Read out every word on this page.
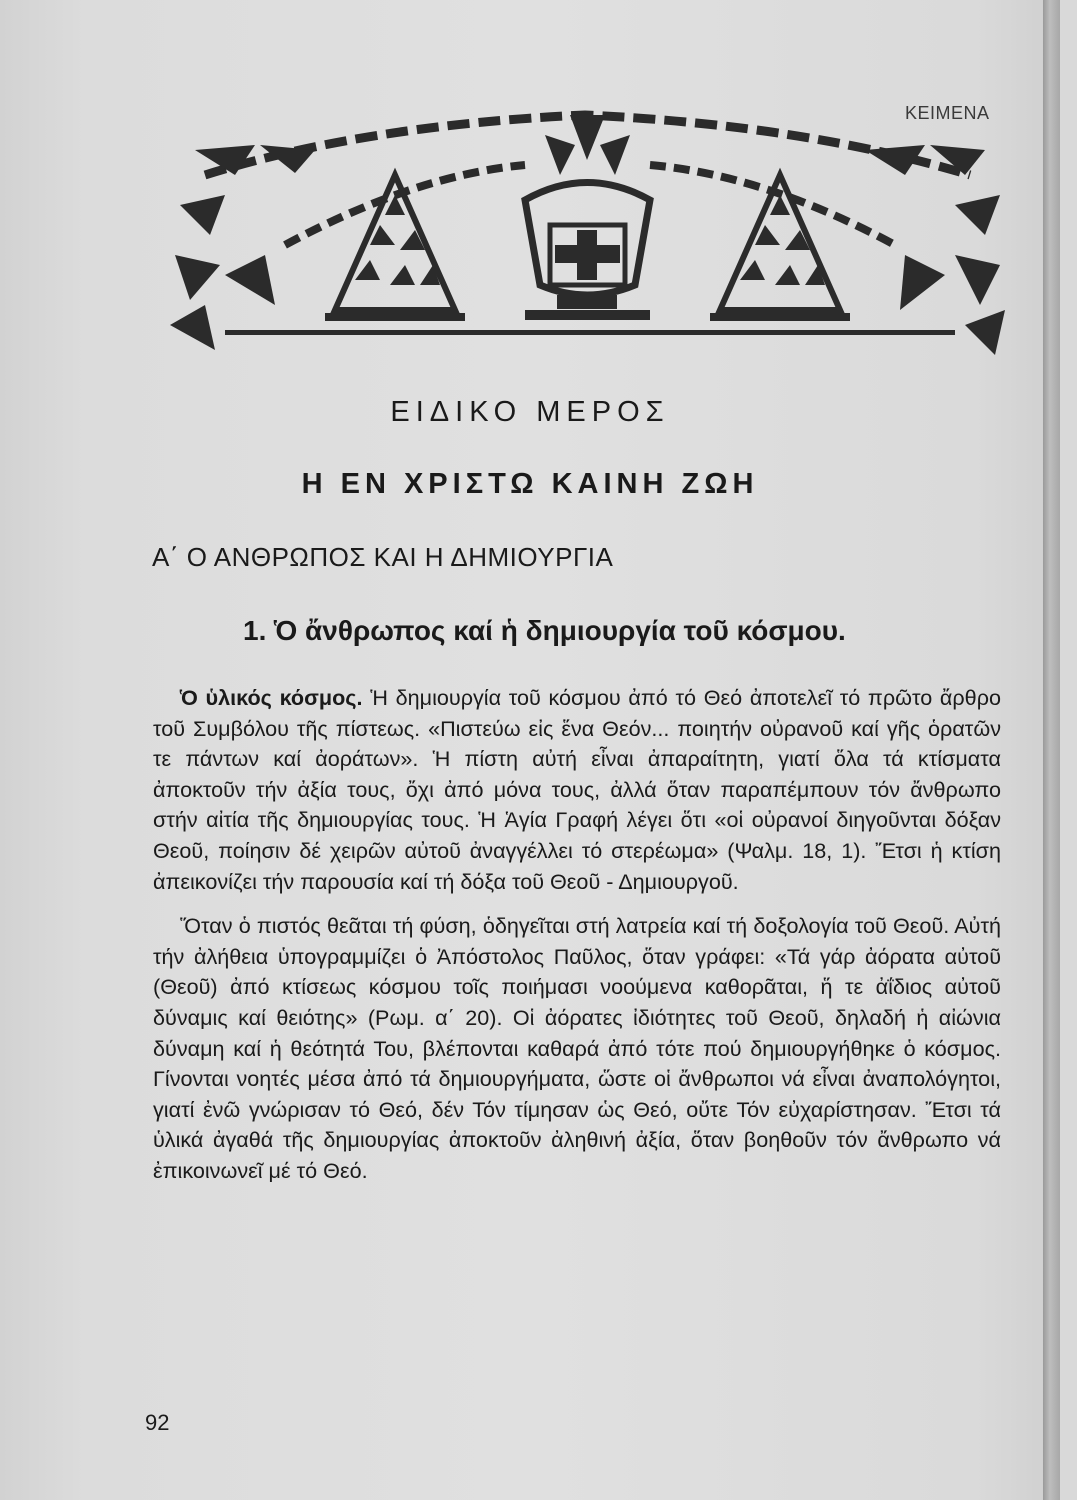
ΚΕΙΜΕΝΑ
ΕΙΔΙΚΟ ΜΕΡΟΣ
Η ΕΝ ΧΡΙΣΤΩ ΚΑΙΝΗ ΖΩΗ
Α΄ Ο ΑΝΘΡΩΠΟΣ ΚΑΙ Η ΔΗΜΙΟΥΡΓΙΑ
1. Ὁ ἄνθρωπος καί ἡ δημιουργία τοῦ κόσμου.

Ὁ ὑλικός κόσμος. Ἡ δημιουργία τοῦ κόσμου ἀπό τό Θεό ἀποτελεῖ τό πρῶτο ἄρθρο τοῦ Συμβόλου τῆς πίστεως. «Πιστεύω εἰς ἕνα Θεόν... ποιητήν οὐρανοῦ καί γῆς ὁρατῶν τε πάντων καί ἀοράτων». Ἡ πίστη αὐτή εἶναι ἀπαραίτητη, γιατί ὅλα τά κτίσματα ἀποκτοῦν τήν ἀξία τους, ὄχι ἀπό μόνα τους, ἀλλά ὅταν παραπέμπουν τόν ἄνθρωπο στήν αἰτία τῆς δημιουργίας τους. Ἡ Ἁγία Γραφή λέγει ὅτι «οἱ οὐρανοί διηγοῦνται δόξαν Θεοῦ, ποίησιν δέ χειρῶν αὐτοῦ ἀναγγέλλει τό στερέωμα» (Ψαλμ. 18, 1). Ἔτσι ἡ κτίση ἀπεικονίζει τήν παρουσία καί τή δόξα τοῦ Θεοῦ - Δημιουργοῦ.

Ὅταν ὁ πιστός θεᾶται τή φύση, ὁδηγεῖται στή λατρεία καί τή δοξολογία τοῦ Θεοῦ. Αὐτή τήν ἀλήθεια ὑπογραμμίζει ὁ Ἀπόστολος Παῦλος, ὅταν γράφει: «Τά γάρ ἀόρατα αὐτοῦ (Θεοῦ) ἀπό κτίσεως κόσμου τοῖς ποιήμασι νοούμενα καθορᾶται, ἥ τε ἀΐδιος αὐτοῦ δύναμις καί θειότης» (Ρωμ. α΄ 20). Οἱ ἀόρατες ἰδιότητες τοῦ Θεοῦ, δηλαδή ἡ αἰώνια δύναμη καί ἡ θεότητά Του, βλέπονται καθαρά ἀπό τότε πού δημιουργήθηκε ὁ κόσμος. Γίνονται νοητές μέσα ἀπό τά δημιουργήματα, ὥστε οἱ ἄνθρωποι νά εἶναι ἀναπολόγητοι, γιατί ἐνῶ γνώρισαν τό Θεό, δέν Τόν τίμησαν ὡς Θεό, οὔτε Τόν εὐχαρίστησαν. Ἔτσι τά ὑλικά ἀγαθά τῆς δημιουργίας ἀποκτοῦν ἀληθινή ἀξία, ὅταν βοηθοῦν τόν ἄνθρωπο νά ἐπικοινωνεῖ μέ τό Θεό.

92
